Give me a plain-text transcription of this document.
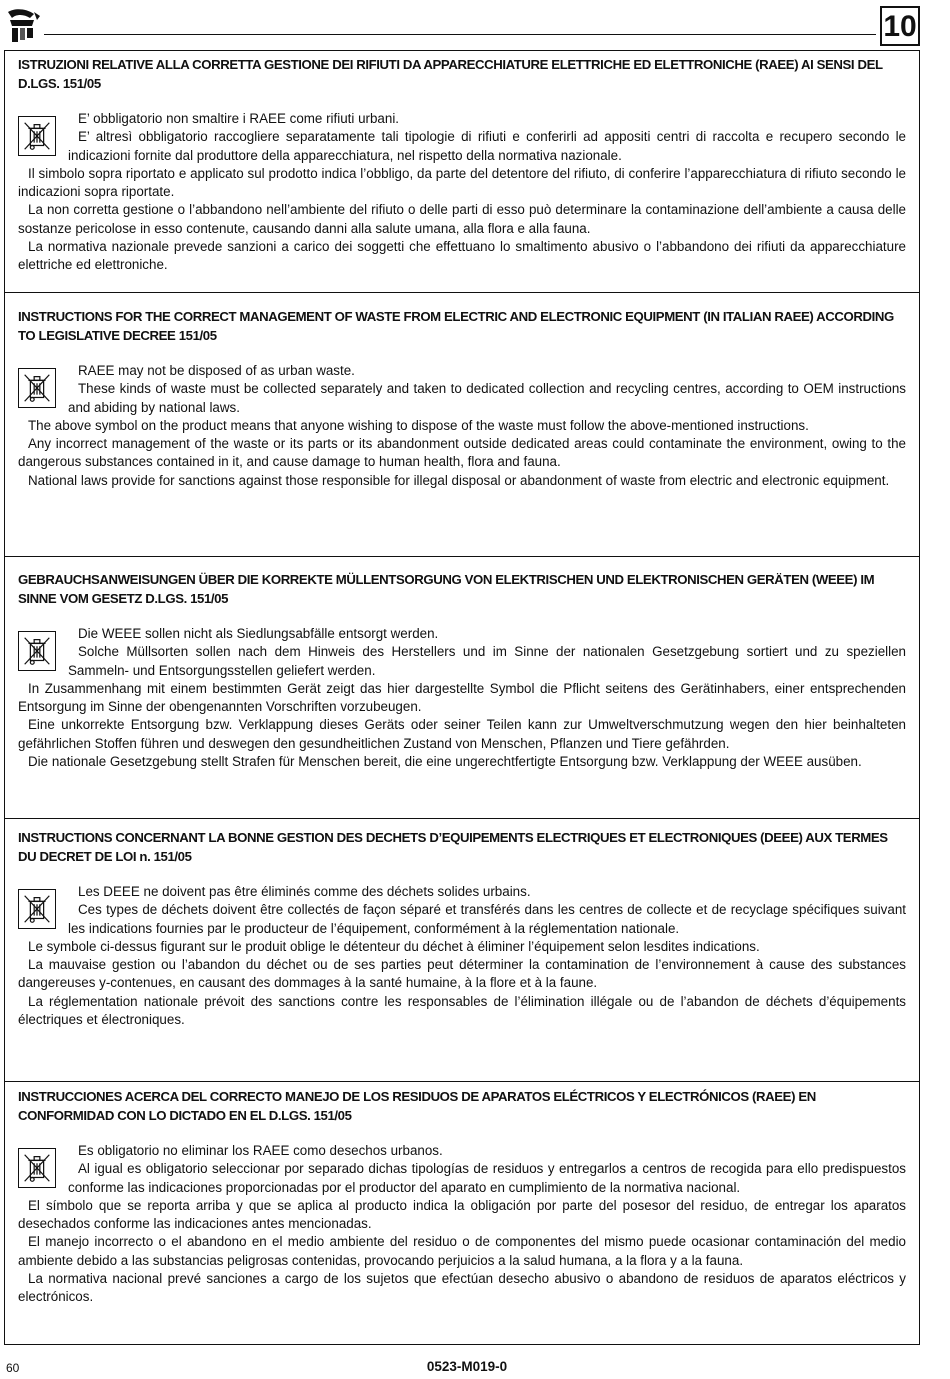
10

ISTRUZIONI RELATIVE ALLA CORRETTA GESTIONE DEI RIFIUTI DA APPARECCHIATURE ELETTRICHE ED ELETTRONICHE (RAEE) AI SENSI DEL D.LGS. 151/05

E’ obbligatorio non smaltire i RAEE come rifiuti urbani.

E’ altresì obbligatorio raccogliere separatamente tali tipologie di rifiuti e conferirli ad appositi centri di raccolta e recupero secondo le indicazioni fornite dal produttore della apparecchiatura, nel rispetto della normativa nazionale.

Il simbolo sopra riportato e applicato sul prodotto indica l’obbligo, da parte del detentore del rifiuto, di conferire l’apparecchiatura di rifiuto secondo le indicazioni sopra riportate.

La non corretta gestione o l’abbandono nell’ambiente del rifiuto o delle parti di esso può determinare la contaminazione dell’ambiente a causa delle sostanze pericolose in esso contenute, causando danni alla salute umana, alla flora e alla fauna.

La normativa nazionale prevede sanzioni a carico dei soggetti che effettuano lo smaltimento abusivo o l’abbandono dei rifiuti da apparecchiature elettriche ed elettroniche.

INSTRUCTIONS FOR THE CORRECT MANAGEMENT OF WASTE FROM ELECTRIC AND ELECTRONIC EQUIPMENT (IN ITALIAN RAEE) ACCORDING TO LEGISLATIVE DECREE 151/05

RAEE may not be disposed of as urban waste.

These kinds of waste must be collected separately and taken to dedicated collection and recycling centres, according to OEM instructions and abiding by national laws.

The above symbol on the product means that anyone wishing to dispose of the waste must follow the above-mentioned instructions.

Any incorrect management of the waste or its parts or its abandonment outside dedicated areas could contaminate the environment, owing to the dangerous substances contained in it, and cause damage to human health, flora and fauna.

National laws provide for sanctions against those responsible for illegal disposal or abandonment of waste from electric and electronic equipment.

GEBRAUCHSANWEISUNGEN ÜBER DIE KORREKTE MÜLLENTSORGUNG VON ELEKTRISCHEN UND ELEKTRONISCHEN GERÄTEN (WEEE) IM SINNE VOM GESETZ D.LGS. 151/05

Die WEEE sollen nicht als Siedlungsabfälle entsorgt werden.

Solche Müllsorten sollen nach dem Hinweis des Herstellers und im Sinne der nationalen Gesetzgebung sortiert und zu speziellen Sammeln- und Entsorgungsstellen geliefert werden.

In Zusammenhang mit einem bestimmten Gerät zeigt das hier dargestellte Symbol die Pflicht seitens des Gerätinhabers, einer entsprechenden Entsorgung im Sinne der obengenannten Vorschriften vorzubeugen.

Eine unkorrekte Entsorgung bzw. Verklappung dieses Geräts oder seiner Teilen kann zur Umweltverschmutzung wegen den hier beinhalteten gefährlichen Stoffen führen und deswegen den gesundheitlichen Zustand von Menschen, Pflanzen und Tiere gefährden.

Die nationale Gesetzgebung stellt Strafen für Menschen bereit, die eine ungerechtfertigte Entsorgung bzw. Verklappung der WEEE ausüben.

INSTRUCTIONS CONCERNANT LA BONNE GESTION DES DECHETS D’EQUIPEMENTS ELECTRIQUES ET ELECTRONIQUES (DEEE) AUX TERMES DU DECRET DE LOI n. 151/05

Les DEEE ne doivent pas être éliminés comme des déchets solides urbains.

Ces types de déchets doivent être collectés de façon séparé et transférés dans les centres de collecte et de recyclage spécifiques suivant les indications fournies par le producteur de l’équipement, conformément à la réglementation nationale.

Le symbole ci-dessus figurant sur le produit oblige le détenteur du déchet à éliminer l’équipement selon lesdites indications.

La mauvaise gestion ou l’abandon du déchet ou de ses parties peut déterminer la contamination de l’environnement à cause des substances dangereuses y-contenues, en causant des dommages à la santé humaine, à la flore et à la faune.

La réglementation nationale prévoit des sanctions contre les responsables de l’élimination illégale ou de l’abandon de déchets d’équipements électriques et électroniques.

INSTRUCCIONES ACERCA DEL CORRECTO MANEJO DE LOS RESIDUOS DE APARATOS ELÉCTRICOS Y ELECTRÓNICOS (RAEE) EN CONFORMIDAD CON LO DICTADO EN EL D.LGS. 151/05

Es obligatorio no eliminar los RAEE como desechos urbanos.

Al igual es obligatorio seleccionar por separado dichas tipologías de residuos y entregarlos a centros de recogida para ello predispuestos conforme las indicaciones proporcionadas por el productor del aparato en cumplimiento de la normativa nacional.

El símbolo que se reporta arriba y que se aplica al producto indica la obligación por parte del posesor del residuo, de entregar los aparatos desechados conforme las indicaciones antes mencionadas.

El manejo incorrecto o el abandono en el medio ambiente del residuo o de componentes del mismo puede ocasionar contaminación del medio ambiente debido a las substancias peligrosas contenidas, provocando perjuicios a la salud humana, a la flora y a la fauna.

La normativa nacional prevé sanciones a cargo de los sujetos que efectúan desecho abusivo o abandono de residuos de aparatos eléctricos y electrónicos.

60	0523-M019-0
